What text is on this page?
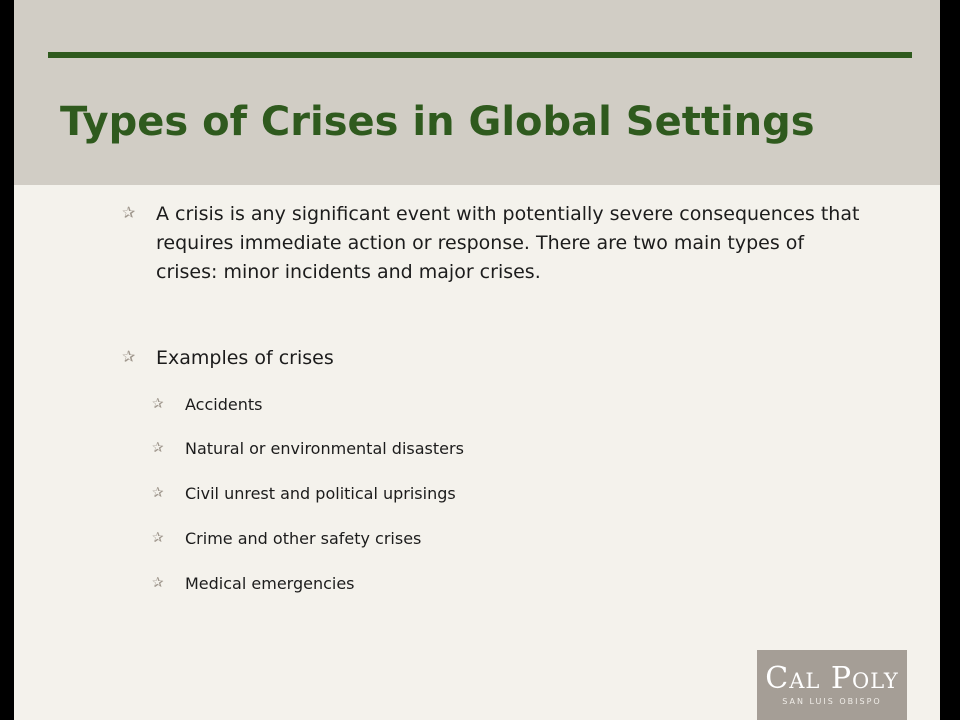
Types of Crises in Global Settings
✰	A crisis is any significant event with potentially severe consequences that requires immediate action or response. There are two main types of crises: minor incidents and major crises.
✰	Examples of crises
✰	Accidents
✰	Natural or environmental disasters
✰	Civil unrest and political uprisings
✰	Crime and other safety crises
✰	Medical emergencies
Cal Poly
SAN LUIS OBISPO
